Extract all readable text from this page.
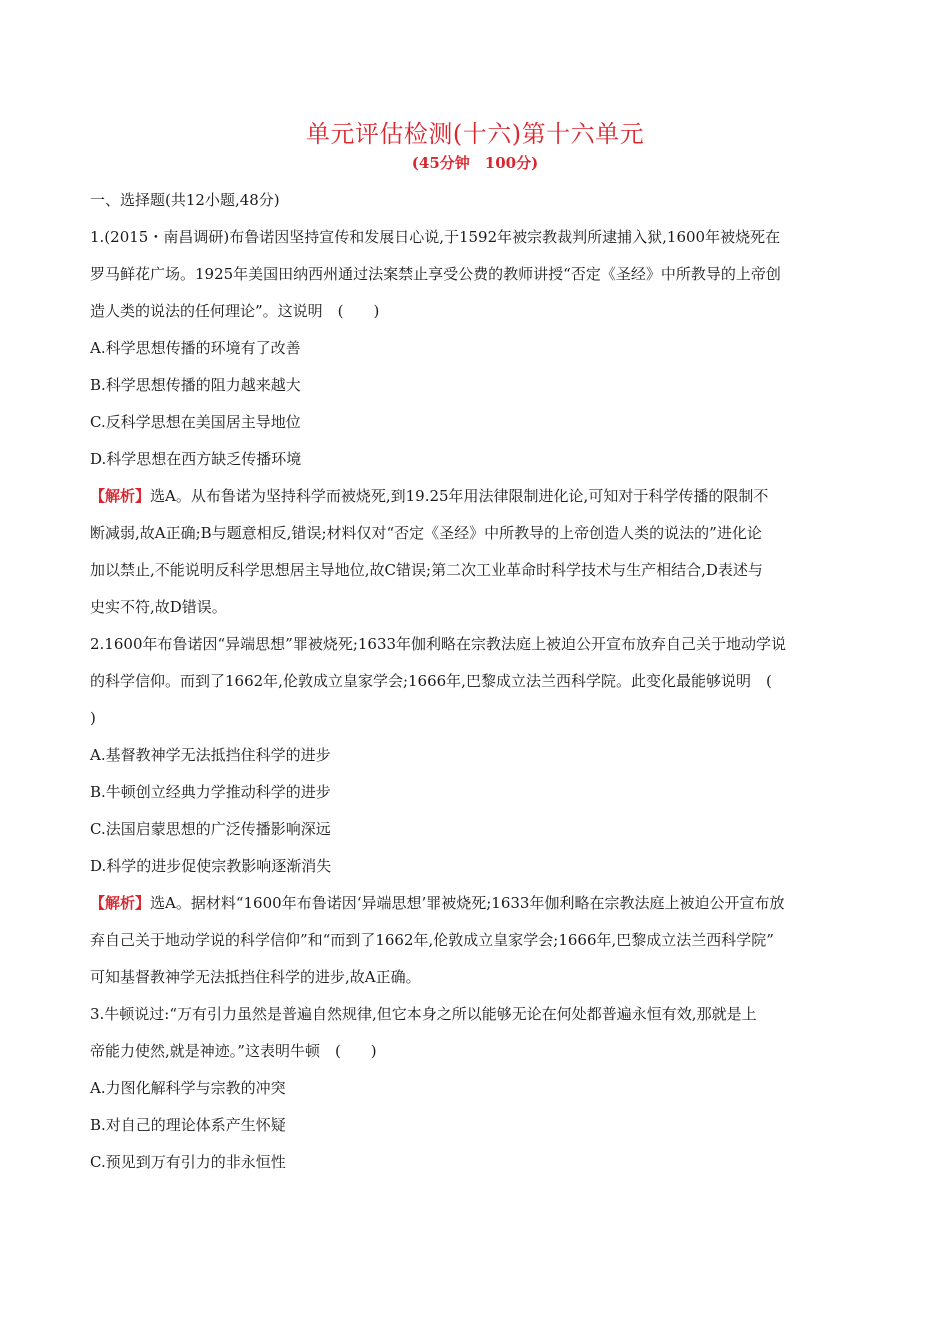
单元评估检测(十六)第十六单元
(45分钟　100分)
一、选择题(共12小题,48分)
1.(2015・南昌调研)布鲁诺因坚持宣传和发展日心说,于1592年被宗教裁判所逮捕入狱,1600年被烧死在
罗马鲜花广场。1925年美国田纳西州通过法案禁止享受公费的教师讲授“否定《圣经》中所教导的上帝创
造人类的说法的任何理论”。这说明　(　　)
A.科学思想传播的环境有了改善
B.科学思想传播的阻力越来越大
C.反科学思想在美国居主导地位
D.科学思想在西方缺乏传播环境
【解析】选A。从布鲁诺为坚持科学而被烧死,到19.25年用法律限制进化论,可知对于科学传播的限制不
断减弱,故A正确;B与题意相反,错误;材料仅对“否定《圣经》中所教导的上帝创造人类的说法的”进化论
加以禁止,不能说明反科学思想居主导地位,故C错误;第二次工业革命时科学技术与生产相结合,D表述与
史实不符,故D错误。
2.1600年布鲁诺因“异端思想”罪被烧死;1633年伽利略在宗教法庭上被迫公开宣布放弃自己关于地动学说
的科学信仰。而到了1662年,伦敦成立皇家学会;1666年,巴黎成立法兰西科学院。此变化最能够说明　(
)
A.基督教神学无法抵挡住科学的进步
B.牛顿创立经典力学推动科学的进步
C.法国启蒙思想的广泛传播影响深远
D.科学的进步促使宗教影响逐渐消失
【解析】选A。据材料“1600年布鲁诺因‘异端思想’罪被烧死;1633年伽利略在宗教法庭上被迫公开宣布放
弃自己关于地动学说的科学信仰”和“而到了1662年,伦敦成立皇家学会;1666年,巴黎成立法兰西科学院”
可知基督教神学无法抵挡住科学的进步,故A正确。
3.牛顿说过:“万有引力虽然是普遍自然规律,但它本身之所以能够无论在何处都普遍永恒有效,那就是上
帝能力使然,就是神迹。”这表明牛顿　(　　)
A.力图化解科学与宗教的冲突
B.对自己的理论体系产生怀疑
C.预见到万有引力的非永恒性
